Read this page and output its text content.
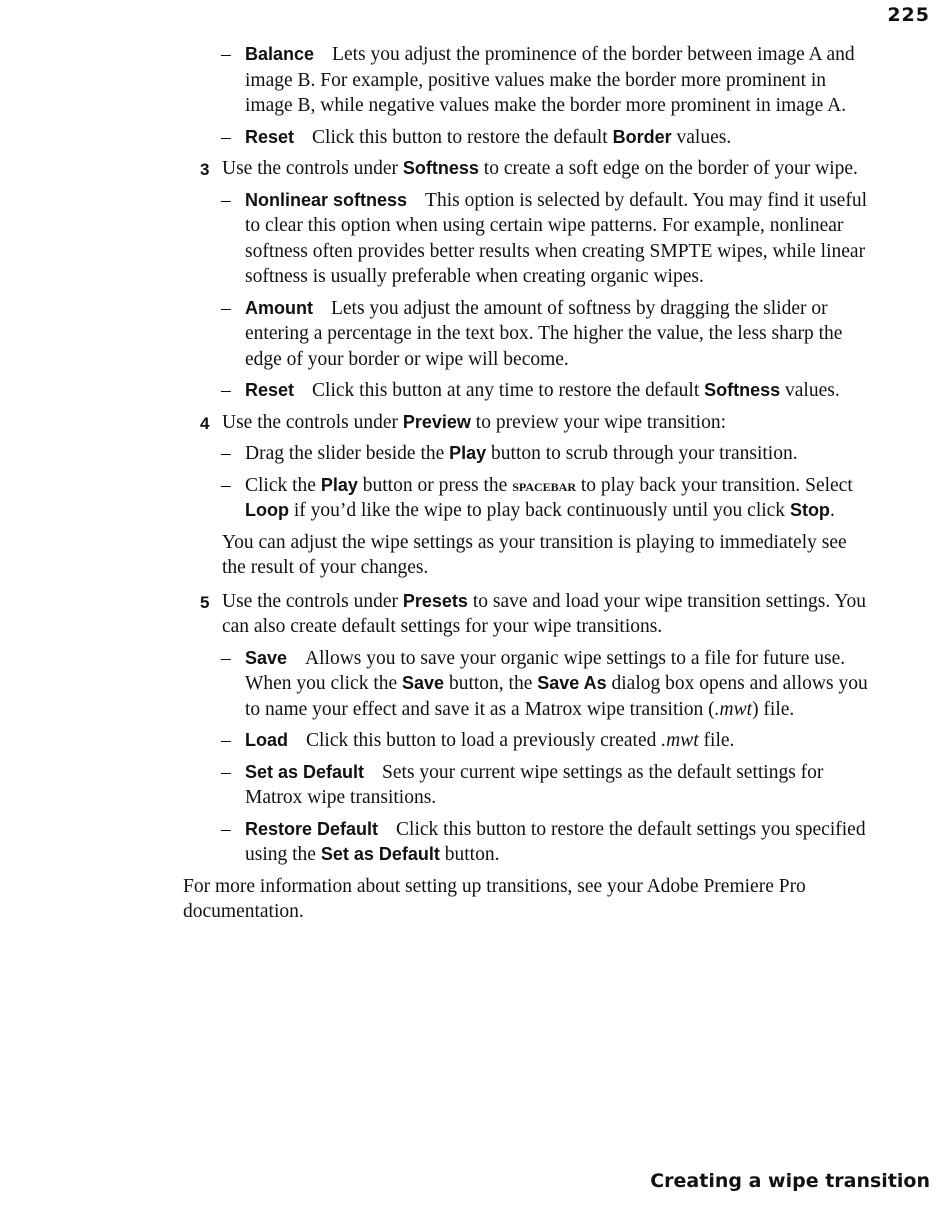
225

– Balance Lets you adjust the prominence of the border between image A and image B. For example, positive values make the border more prominent in image B, while negative values make the border more prominent in image A.

– Reset Click this button to restore the default Border values.

3 Use the controls under Softness to create a soft edge on the border of your wipe.

– Nonlinear softness This option is selected by default. You may find it useful to clear this option when using certain wipe patterns. For example, nonlinear softness often provides better results when creating SMPTE wipes, while linear softness is usually preferable when creating organic wipes.

– Amount Lets you adjust the amount of softness by dragging the slider or entering a percentage in the text box. The higher the value, the less sharp the edge of your border or wipe will become.

– Reset Click this button at any time to restore the default Softness values.

4 Use the controls under Preview to preview your wipe transition:

– Drag the slider beside the Play button to scrub through your transition.

– Click the Play button or press the spacebar to play back your transition. Select Loop if you’d like the wipe to play back continuously until you click Stop.

You can adjust the wipe settings as your transition is playing to immediately see the result of your changes.

5 Use the controls under Presets to save and load your wipe transition settings. You can also create default settings for your wipe transitions.

– Save Allows you to save your organic wipe settings to a file for future use. When you click the Save button, the Save As dialog box opens and allows you to name your effect and save it as a Matrox wipe transition (.mwt) file.

– Load Click this button to load a previously created .mwt file.

– Set as Default Sets your current wipe settings as the default settings for Matrox wipe transitions.

– Restore Default Click this button to restore the default settings you specified using the Set as Default button.

For more information about setting up transitions, see your Adobe Premiere Pro documentation.

Creating a wipe transition
